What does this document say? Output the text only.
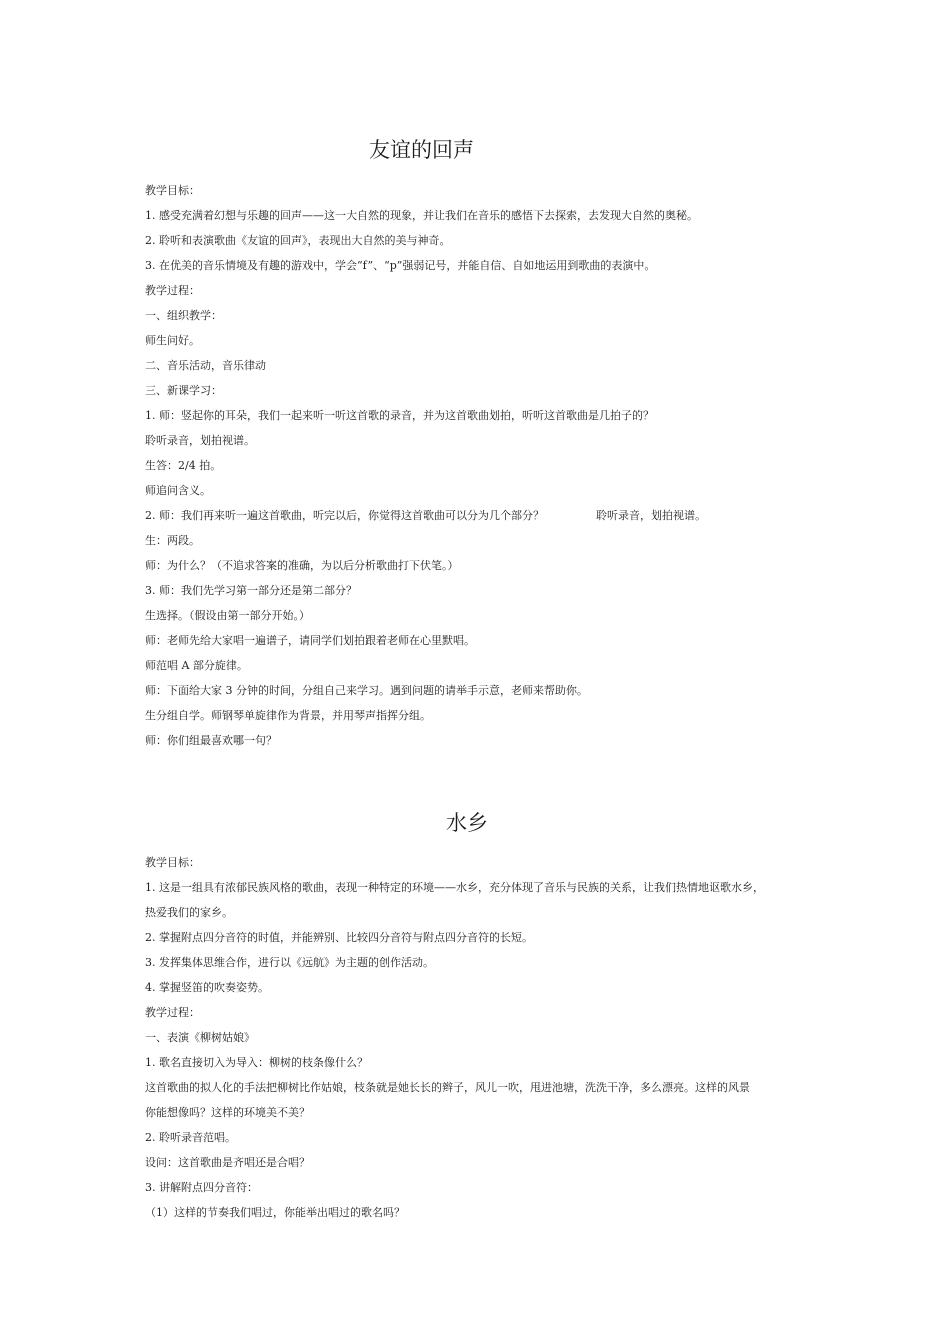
友谊的回声
教学目标：
1. 感受充满着幻想与乐趣的回声——这一大自然的现象，并让我们在音乐的感悟下去探索，去发现大自然的奥秘。
2. 聆听和表演歌曲《友谊的回声》，表现出大自然的美与神奇。
3. 在优美的音乐情境及有趣的游戏中，学会“f”、“p”强弱记号，并能自信、自如地运用到歌曲的表演中。
教学过程：
一、组织教学：
师生问好。
二、音乐活动，音乐律动
三、新课学习：
1. 师：竖起你的耳朵，我们一起来听一听这首歌的录音，并为这首歌曲划拍，听听这首歌曲是几拍子的？
聆听录音，划拍视谱。
生答：2/4 拍。
师追问含义。
2. 师：我们再来听一遍这首歌曲，听完以后，你觉得这首歌曲可以分为几个部分？	聆听录音，划拍视谱。
生：两段。
师：为什么？（不追求答案的准确，为以后分析歌曲打下伏笔。）
3. 师：我们先学习第一部分还是第二部分？
生选择。（假设由第一部分开始。）
师：老师先给大家唱一遍谱子，请同学们划拍跟着老师在心里默唱。
师范唱 A 部分旋律。
师：下面给大家 3 分钟的时间，分组自己来学习。遇到问题的请举手示意，老师来帮助你。
生分组自学。师钢琴单旋律作为背景，并用琴声指挥分组。
师：你们组最喜欢哪一句？
水乡
教学目标：
1. 这是一组具有浓郁民族风格的歌曲，表现一种特定的环境——水乡，充分体现了音乐与民族的关系，让我们热情地讴歌水乡，
热爱我们的家乡。
2. 掌握附点四分音符的时值，并能辨别、比较四分音符与附点四分音符的长短。
3. 发挥集体思维合作，进行以《远航》为主题的创作活动。
4. 掌握竖笛的吹奏姿势。
教学过程：
一、表演《柳树姑娘》
1. 歌名直接切入为导入：柳树的枝条像什么？
这首歌曲的拟人化的手法把柳树比作姑娘，枝条就是她长长的辫子，风儿一吹，甩进池塘，洗洗干净，多么漂亮。这样的风景
你能想像吗？这样的环境美不美？
2. 聆听录音范唱。
设问：这首歌曲是齐唱还是合唱？
3. 讲解附点四分音符：
（1）这样的节奏我们唱过，你能举出唱过的歌名吗？
